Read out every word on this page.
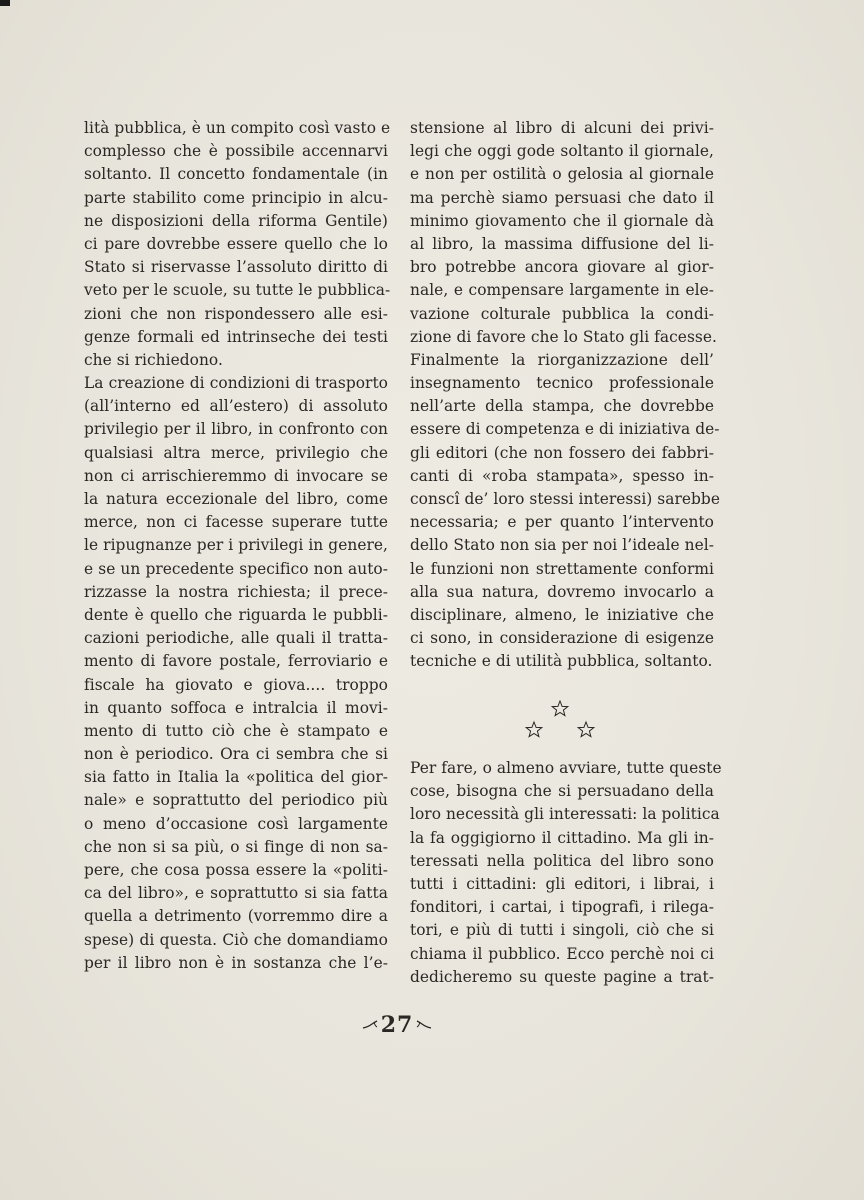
lità pubblica, è un compito così vasto e
complesso che è possibile accennarvi
soltanto. Il concetto fondamentale (in
parte stabilito come principio in alcu-
ne disposizioni della riforma Gentile)
ci pare dovrebbe essere quello che lo
Stato si riservasse l’assoluto diritto di
veto per le scuole, su tutte le pubblica-
zioni che non rispondessero alle esi-
genze formali ed intrinseche dei testi
che si richiedono.
La creazione di condizioni di trasporto
(all’interno ed all’estero) di assoluto
privilegio per il libro, in confronto con
qualsiasi altra merce, privilegio che
non ci arrischieremmo di invocare se
la natura eccezionale del libro, come
merce, non ci facesse superare tutte
le ripugnanze per i privilegi in genere,
e se un precedente specifico non auto-
rizzasse la nostra richiesta; il prece-
dente è quello che riguarda le pubbli-
cazioni periodiche, alle quali il tratta-
mento di favore postale, ferroviario e
fiscale ha giovato e giova.... troppo
in quanto soffoca e intralcia il movi-
mento di tutto ciò che è stampato e
non è periodico. Ora ci sembra che si
sia fatto in Italia la «politica del gior-
nale» e soprattutto del periodico più
o meno d’occasione così largamente
che non si sa più, o si finge di non sa-
pere, che cosa possa essere la «politi-
ca del libro», e soprattutto si sia fatta
quella a detrimento (vorremmo dire a
spese) di questa. Ciò che domandiamo
per il libro non è in sostanza che l’e-
stensione al libro di alcuni dei privi-
legi che oggi gode soltanto il giornale,
e non per ostilità o gelosia al giornale
ma perchè siamo persuasi che dato il
minimo giovamento che il giornale dà
al libro, la massima diffusione del li-
bro potrebbe ancora giovare al gior-
nale, e compensare largamente in ele-
vazione colturale pubblica la condi-
zione di favore che lo Stato gli facesse.
Finalmente la riorganizzazione dell’
insegnamento tecnico professionale
nell’arte della stampa, che dovrebbe
essere di competenza e di iniziativa de-
gli editori (che non fossero dei fabbri-
canti di «roba stampata», spesso in-
conscî de’ loro stessi interessi) sarebbe
necessaria; e per quanto l’intervento
dello Stato non sia per noi l’ideale nel-
le funzioni non strettamente conformi
alla sua natura, dovremo invocarlo a
disciplinare, almeno, le iniziative che
ci sono, in considerazione di esigenze
tecniche e di utilità pubblica, soltanto.
Per fare, o almeno avviare, tutte queste
cose, bisogna che si persuadano della
loro necessità gli interessati: la politica
la fa oggigiorno il cittadino. Ma gli in-
teressati nella politica del libro sono
tutti i cittadini: gli editori, i librai, i
fonditori, i cartai, i tipografi, i rilega-
tori, e più di tutti i singoli, ciò che si
chiama il pubblico. Ecco perchè noi ci
dedicheremo su queste pagine a trat-
27
